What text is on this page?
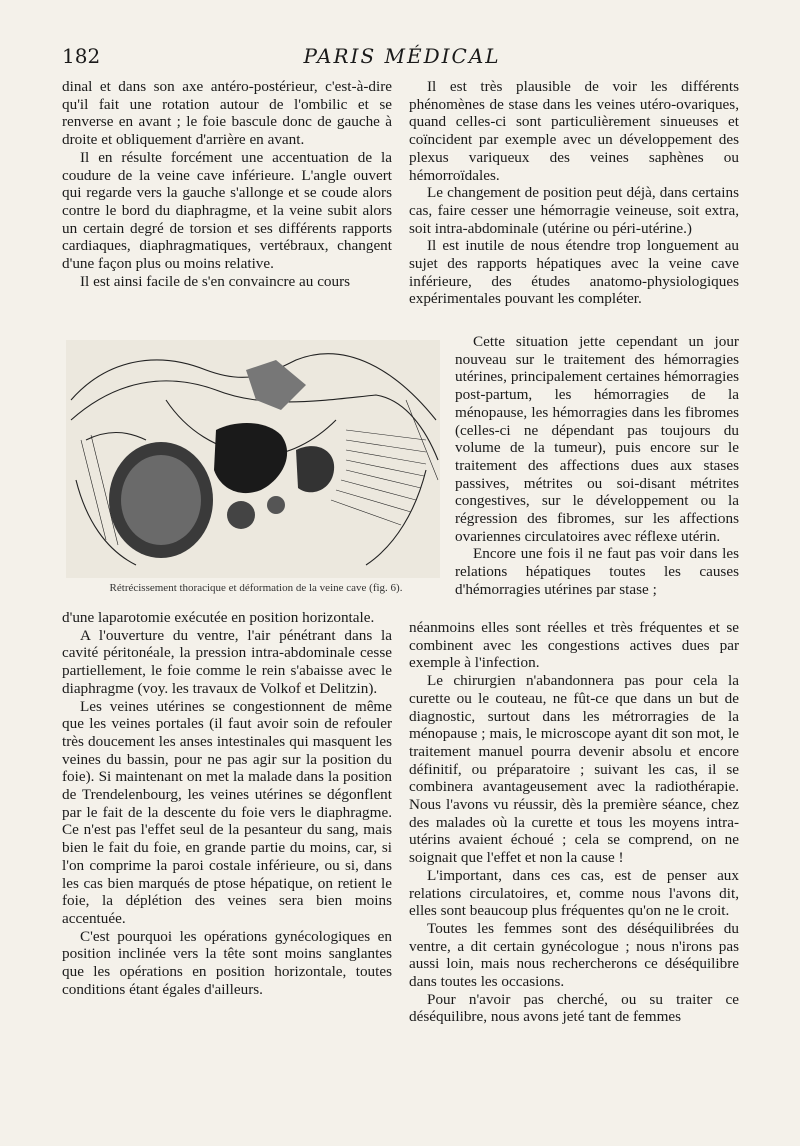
182	PARIS MÉDICAL

dinal et dans son axe antéro-postérieur, c'est-à-dire qu'il fait une rotation autour de l'ombilic et se renverse en avant ; le foie bascule donc de gauche à droite et obliquement d'arrière en avant.

Il en résulte forcément une accentuation de la coudure de la veine cave inférieure. L'angle ouvert qui regarde vers la gauche s'allonge et se coude alors contre le bord du diaphragme, et la veine subit alors un certain degré de torsion et ses différents rapports cardiaques, diaphragmatiques, vertébraux, changent d'une façon plus ou moins relative.

Il est ainsi facile de s'en convaincre au cours

Rétrécissement thoracique et déformation de la veine cave (fig. 6).

d'une laparotomie exécutée en position horizontale.

A l'ouverture du ventre, l'air pénétrant dans la cavité péritonéale, la pression intra-abdominale cesse partiellement, le foie comme le rein s'abaisse avec le diaphragme (voy. les travaux de Volkof et Delitzin).

Les veines utérines se congestionnent de même que les veines portales (il faut avoir soin de refouler très doucement les anses intestinales qui masquent les veines du bassin, pour ne pas agir sur la position du foie). Si maintenant on met la malade dans la position de Trendelenbourg, les veines utérines se dégonflent par le fait de la descente du foie vers le diaphragme. Ce n'est pas l'effet seul de la pesanteur du sang, mais bien le fait du foie, en grande partie du moins, car, si l'on comprime la paroi costale inférieure, ou si, dans les cas bien marqués de ptose hépatique, on retient le foie, la déplétion des veines sera bien moins accentuée.

C'est pourquoi les opérations gynécologiques en position inclinée vers la tête sont moins sanglantes que les opérations en position horizontale, toutes conditions étant égales d'ailleurs.

Il est très plausible de voir les différents phénomènes de stase dans les veines utéro-ovariques, quand celles-ci sont particulièrement sinueuses et coïncident par exemple avec un développement des plexus variqueux des veines saphènes ou hémorroïdales.

Le changement de position peut déjà, dans certains cas, faire cesser une hémorragie veineuse, soit extra, soit intra-abdominale (utérine ou péri-utérine.)

Il est inutile de nous étendre trop longuement au sujet des rapports hépatiques avec la veine cave inférieure, des études anatomo-physiologiques expérimentales pouvant les compléter.

Cette situation jette cependant un jour nouveau sur le traitement des hémorragies utérines, principalement certaines hémorragies post-partum, les hémorragies de la ménopause, les hémorragies dans les fibromes (celles-ci ne dépendant pas toujours du volume de la tumeur), puis encore sur le traitement des affections dues aux stases passives, métrites ou soi-disant métrites congestives, sur le développement ou la régression des fibromes, sur les affections ovariennes circulatoires avec réflexe utérin.

Encore une fois il ne faut pas voir dans les relations hépatiques toutes les causes d'hémorragies utérines par stase ;

néanmoins elles sont réelles et très fréquentes et se combinent avec les congestions actives dues par exemple à l'infection.

Le chirurgien n'abandonnera pas pour cela la curette ou le couteau, ne fût-ce que dans un but de diagnostic, surtout dans les métrorragies de la ménopause ; mais, le microscope ayant dit son mot, le traitement manuel pourra devenir absolu et encore définitif, ou préparatoire ; suivant les cas, il se combinera avantageusement avec la radiothérapie. Nous l'avons vu réussir, dès la première séance, chez des malades où la curette et tous les moyens intra-utérins avaient échoué ; cela se comprend, on ne soignait que l'effet et non la cause !

L'important, dans ces cas, est de penser aux relations circulatoires, et, comme nous l'avons dit, elles sont beaucoup plus fréquentes qu'on ne le croit.

Toutes les femmes sont des déséquilibrées du ventre, a dit certain gynécologue ; nous n'irons pas aussi loin, mais nous rechercherons ce déséquilibre dans toutes les occasions.

Pour n'avoir pas cherché, ou su traiter ce déséquilibre, nous avons jeté tant de femmes
